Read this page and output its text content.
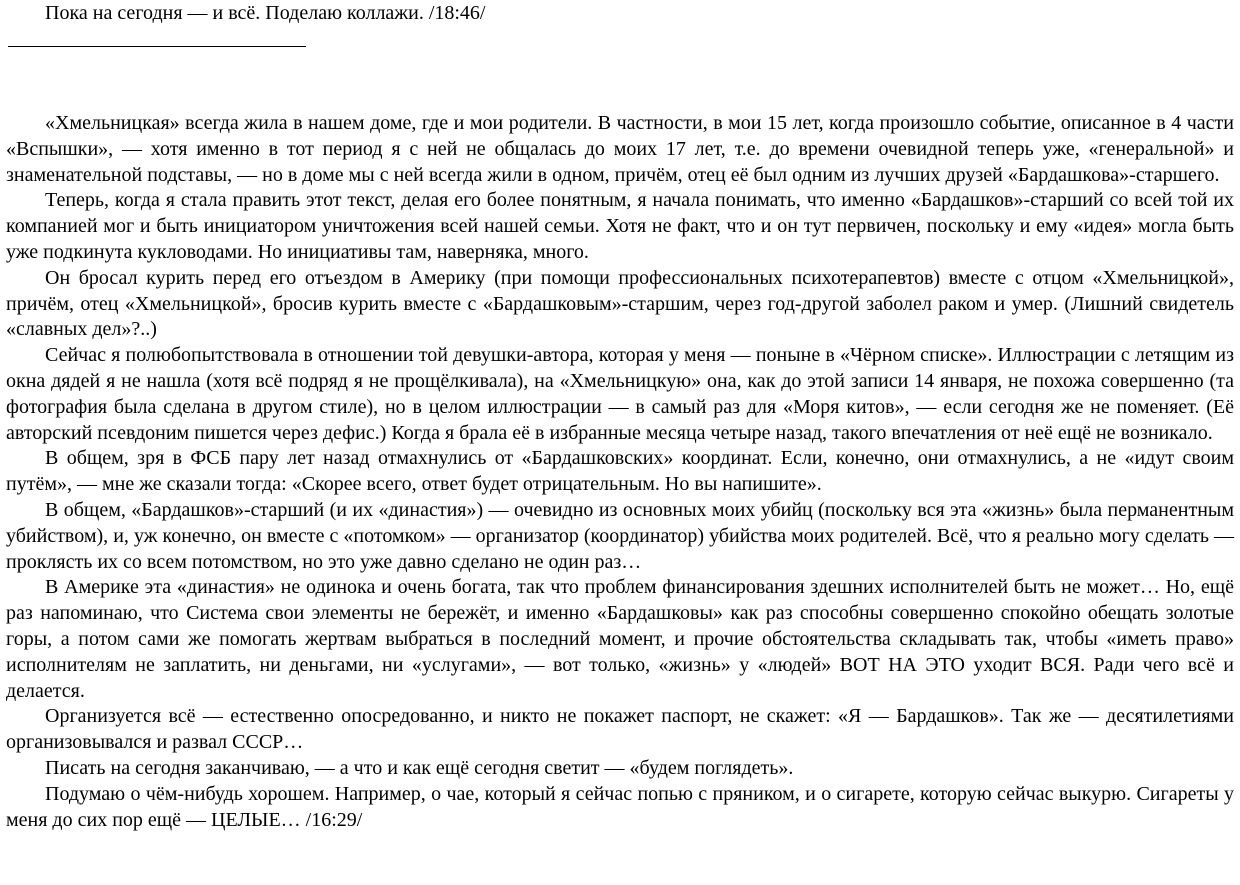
Пока на сегодня — и всё. Поделаю коллажи. /18:46/

«Хмельницкая» всегда жила в нашем доме, где и мои родители. В частности, в мои 15 лет, когда произошло событие, описанное в 4 части «Вспышки», — хотя именно в тот период я с ней не общалась до моих 17 лет, т.е. до времени очевидной теперь уже, «генеральной» и знаменательной подставы, — но в доме мы с ней всегда жили в одном, причём, отец её был одним из лучших друзей «Бардашкова»-старшего.

Теперь, когда я стала править этот текст, делая его более понятным, я начала понимать, что именно «Бардашков»-старший со всей той их компанией мог и быть инициатором уничтожения всей нашей семьи. Хотя не факт, что и он тут первичен, поскольку и ему «идея» могла быть уже подкинута кукловодами. Но инициативы там, наверняка, много.

Он бросал курить перед его отъездом в Америку (при помощи профессиональных психотерапевтов) вместе с отцом «Хмельницкой», причём, отец «Хмельницкой», бросив курить вместе с «Бардашковым»-старшим, через год-другой заболел раком и умер. (Лишний свидетель «славных дел»?..)

Сейчас я полюбопытствовала в отношении той девушки-автора, которая у меня — поныне в «Чёрном списке». Иллюстрации с летящим из окна дядей я не нашла (хотя всё подряд я не прощёлкивала), на «Хмельницкую» она, как до этой записи 14 января, не похожа совершенно (та фотография была сделана в другом стиле), но в целом иллюстрации — в самый раз для «Моря китов», — если сегодня же не поменяет. (Её авторский псевдоним пишется через дефис.) Когда я брала её в избранные месяца четыре назад, такого впечатления от неё ещё не возникало.

В общем, зря в ФСБ пару лет назад отмахнулись от «Бардашковских» координат. Если, конечно, они отмахнулись, а не «идут своим путём», — мне же сказали тогда: «Скорее всего, ответ будет отрицательным. Но вы напишите».

В общем, «Бардашков»-старший (и их «династия») — очевидно из основных моих убийц (поскольку вся эта «жизнь» была перманентным убийством), и, уж конечно, он вместе с «потомком» — организатор (координатор) убийства моих родителей. Всё, что я реально могу сделать — проклясть их со всем потомством, но это уже давно сделано не один раз…

В Америке эта «династия» не одинока и очень богата, так что проблем финансирования здешних исполнителей быть не может… Но, ещё раз напоминаю, что Система свои элементы не бережёт, и именно «Бардашковы» как раз способны совершенно спокойно обещать золотые горы, а потом сами же помогать жертвам выбраться в последний момент, и прочие обстоятельства складывать так, чтобы «иметь право» исполнителям не заплатить, ни деньгами, ни «услугами», — вот только, «жизнь» у «людей» ВОТ НА ЭТО уходит ВСЯ. Ради чего всё и делается.

Организуется всё — естественно опосредованно, и никто не покажет паспорт, не скажет: «Я — Бардашков». Так же — десятилетиями организовывался и развал СССР…

Писать на сегодня заканчиваю, — а что и как ещё сегодня светит — «будем поглядеть».

Подумаю о чём-нибудь хорошем. Например, о чае, который я сейчас попью с пряником, и о сигарете, которую сейчас выкурю. Сигареты у меня до сих пор ещё — ЦЕЛЫЕ… /16:29/
